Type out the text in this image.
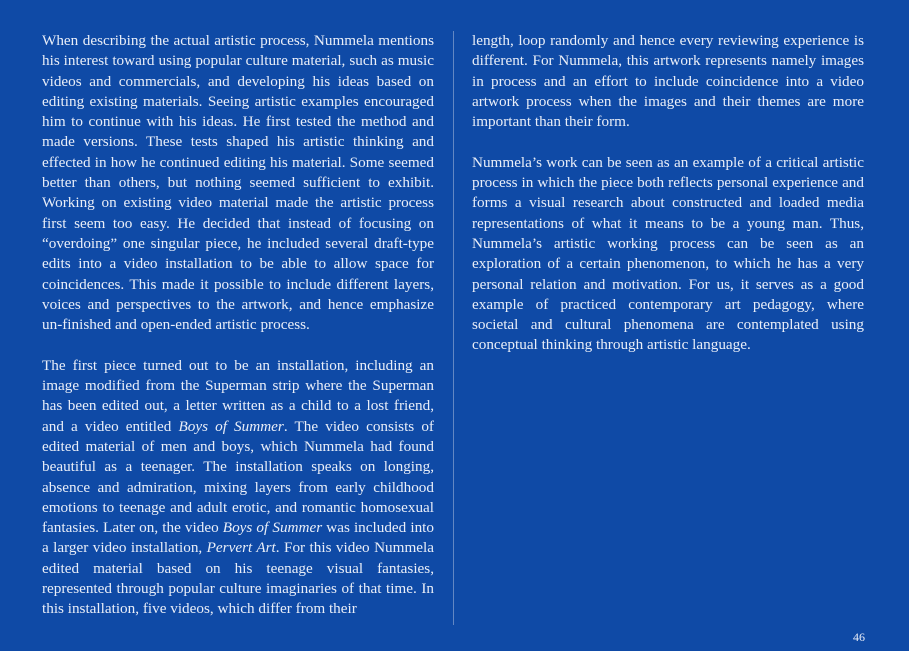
When describing the actual artistic process, Nummela mentions his interest toward using popular culture material, such as music videos and commercials, and developing his ideas based on editing existing materials. Seeing artistic examples encouraged him to continue with his ideas. He first tested the method and made versions. These tests shaped his artistic thinking and effected in how he continued editing his material. Some seemed better than others, but nothing seemed sufficient to exhibit. Working on existing video material made the artistic process first seem too easy. He decided that instead of focusing on “overdoing” one singular piece, he included several draft-type edits into a video installation to be able to allow space for coincidences. This made it possible to include different layers, voices and perspectives to the artwork, and hence emphasize un-finished and open-ended artistic process.

The first piece turned out to be an installation, including an image modified from the Superman strip where the Superman has been edited out, a letter written as a child to a lost friend, and a video entitled Boys of Summer. The video consists of edited material of men and boys, which Nummela had found beautiful as a teenager. The installation speaks on longing, absence and admiration, mixing layers from early childhood emotions to teenage and adult erotic, and romantic homosexual fantasies. Later on, the video Boys of Summer was included into a larger video installation, Pervert Art. For this video Nummela edited material based on his teenage visual fantasies, represented through popular culture imaginaries of that time. In this installation, five videos, which differ from their

length, loop randomly and hence every reviewing experience is different. For Nummela, this artwork represents namely images in process and an effort to include coincidence into a video artwork process when the images and their themes are more important than their form.

Nummela’s work can be seen as an example of a critical artistic process in which the piece both reflects personal experience and forms a visual research about constructed and loaded media representations of what it means to be a young man. Thus, Nummela’s artistic working process can be seen as an exploration of a certain phenomenon, to which he has a very personal relation and motivation. For us, it serves as a good example of practiced contemporary art pedagogy, where societal and cultural phenomena are contemplated using conceptual thinking through artistic language.

46
